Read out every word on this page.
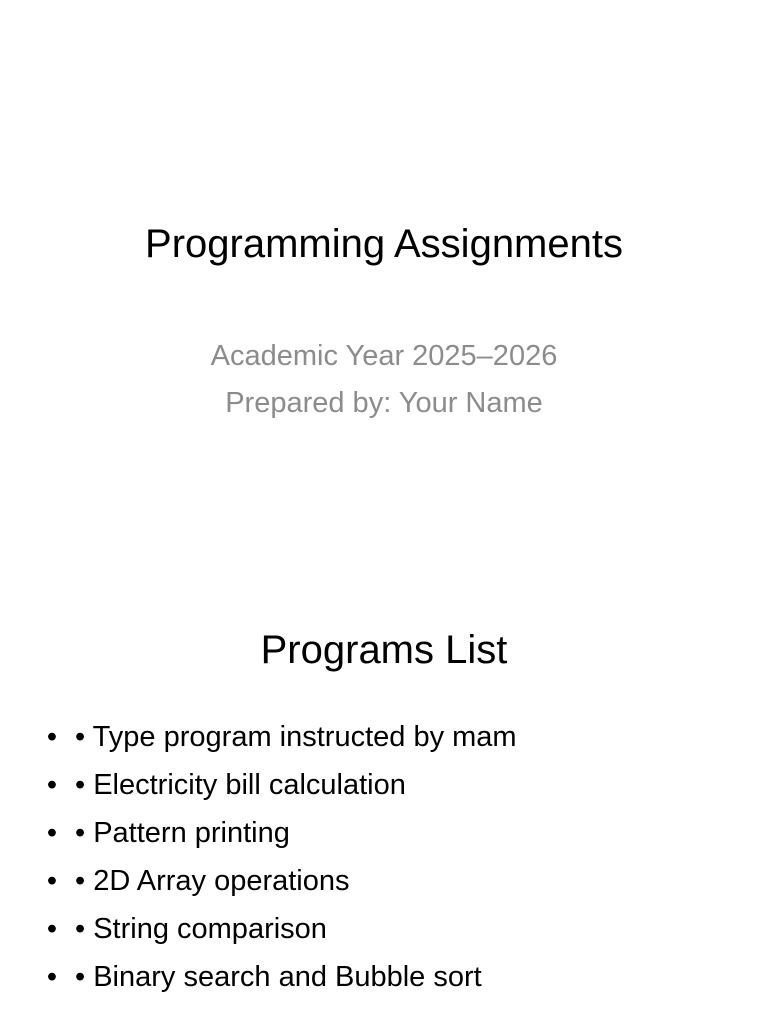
Programming Assignments
Academic Year 2025–2026
Prepared by: Your Name
Programs List
• • Type program instructed by mam
• • Electricity bill calculation
• • Pattern printing
• • 2D Array operations
• • String comparison
• • Binary search and Bubble sort
